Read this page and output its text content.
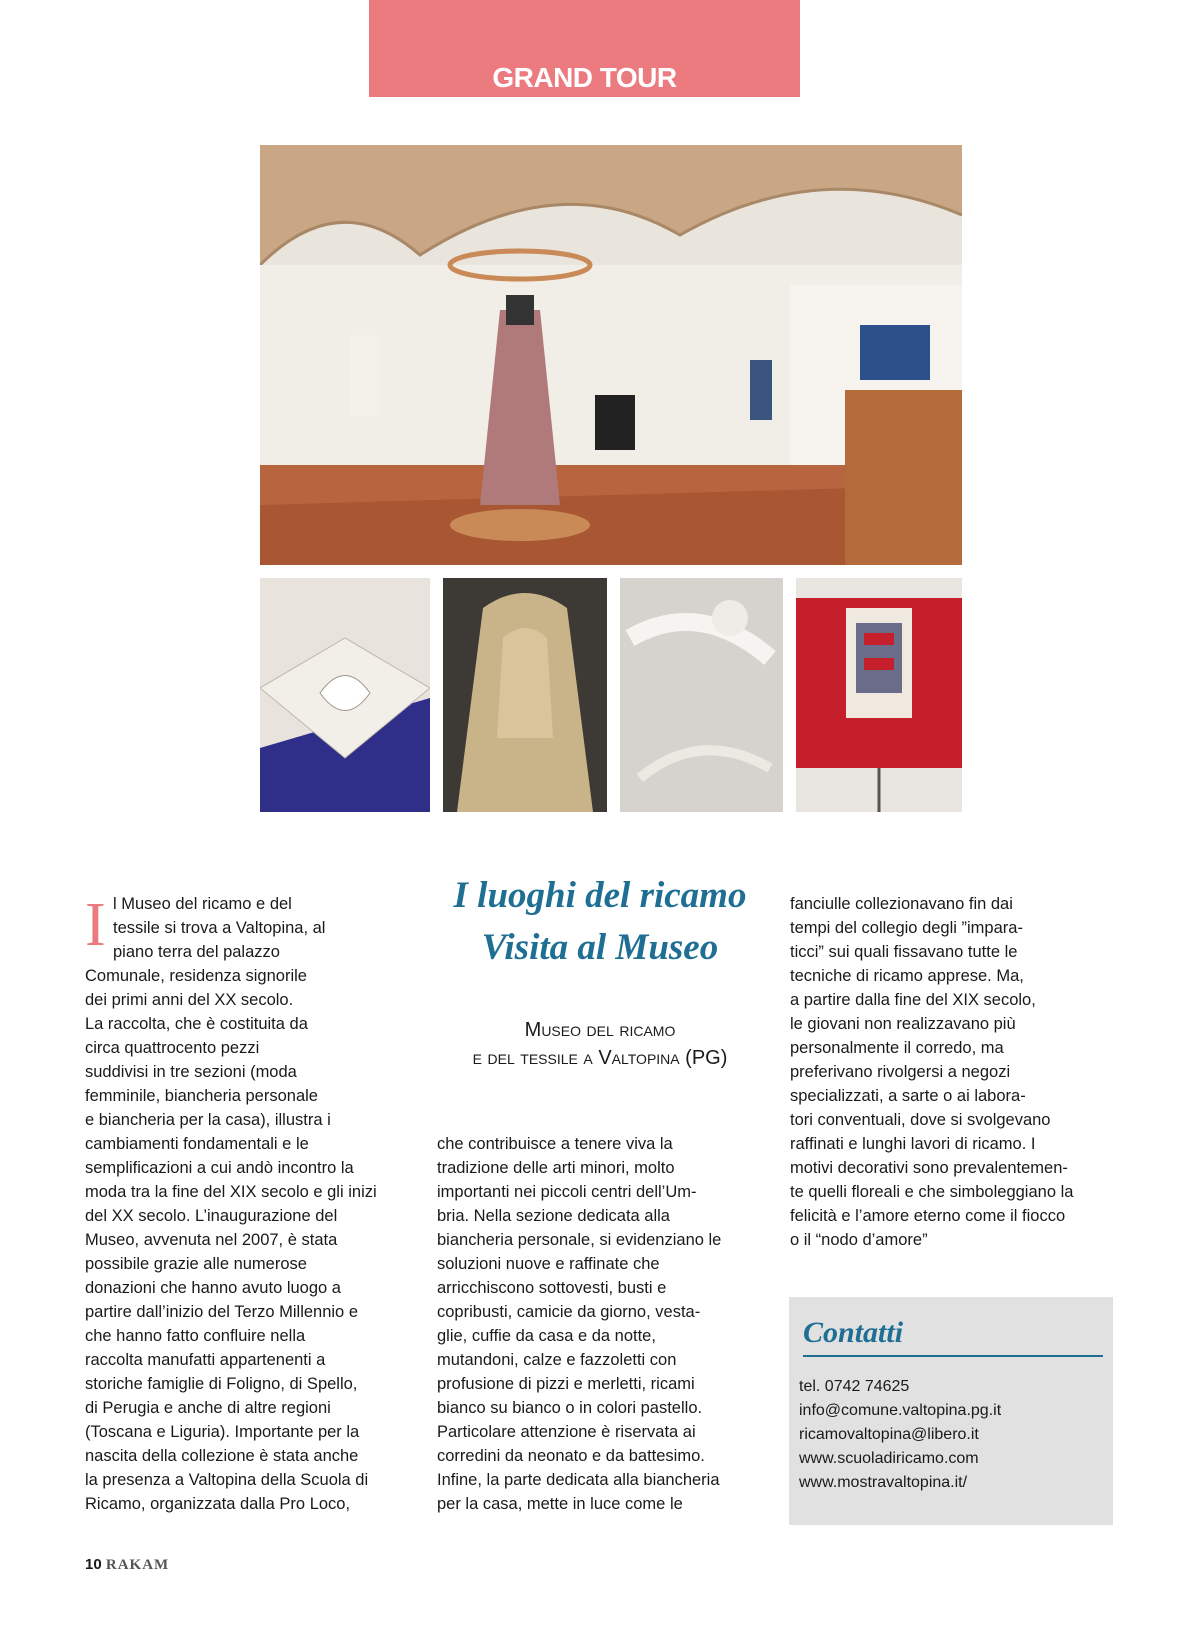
GRAND TOUR
I luoghi del ricamo
Visita al Museo
Museo del ricamo
e del tessile a Valtopina (PG)
I l Museo del ricamo e del

tessile si trova a Valtopina, al

piano terra del palazzo

Comunale, residenza signorile

dei primi anni del XX secolo.

La raccolta, che è costituita da

circa quattrocento pezzi

suddivisi in tre sezioni (moda

femminile, biancheria personale

e biancheria per la casa), illustra i

cambiamenti fondamentali e le

semplificazioni a cui andò incontro la

moda tra la fine del XIX secolo e gli inizi

del XX secolo. L’inaugurazione del

Museo, avvenuta nel 2007, è stata

possibile grazie alle numerose

donazioni che hanno avuto luogo a

partire dall’inizio del Terzo Millennio e

che hanno fatto confluire nella

raccolta manufatti appartenenti a

storiche famiglie di Foligno, di Spello,

di Perugia e anche di altre regioni

(Toscana e Liguria). Importante per la

nascita della collezione è stata anche

la presenza a Valtopina della Scuola di

Ricamo, organizzata dalla Pro Loco,

che contribuisce a tenere viva la

tradizione delle arti minori, molto

importanti nei piccoli centri dell’Um-

bria. Nella sezione dedicata alla

biancheria personale, si evidenziano le

soluzioni nuove e raffinate che

arricchiscono sottovesti, busti e

copribusti, camicie da giorno, vesta-

glie, cuffie da casa e da notte,

mutandoni, calze e fazzoletti con

profusione di pizzi e merletti, ricami

bianco su bianco o in colori pastello.

Particolare attenzione è riservata ai

corredini da neonato e da battesimo.

Infine, la parte dedicata alla biancheria

per la casa, mette in luce come le

fanciulle collezionavano fin dai

tempi del collegio degli ”impara-

ticci” sui quali fissavano tutte le

tecniche di ricamo apprese. Ma,

a partire dalla fine del XIX secolo,

le giovani non realizzavano più

personalmente il corredo, ma

preferivano rivolgersi a negozi

specializzati, a sarte o ai labora-

tori conventuali, dove si svolgevano

raffinati e lunghi lavori di ricamo. I

motivi decorativi sono prevalentemen-

te quelli floreali e che simboleggiano la

felicità e l’amore eterno come il fiocco

o il “nodo d’amore”

Contatti
tel. 0742 74625
info@comune.valtopina.pg.it
ricamovaltopina@libero.it
www.scuoladiricamo.com
www.mostravaltopina.it/
10 RAKAM
